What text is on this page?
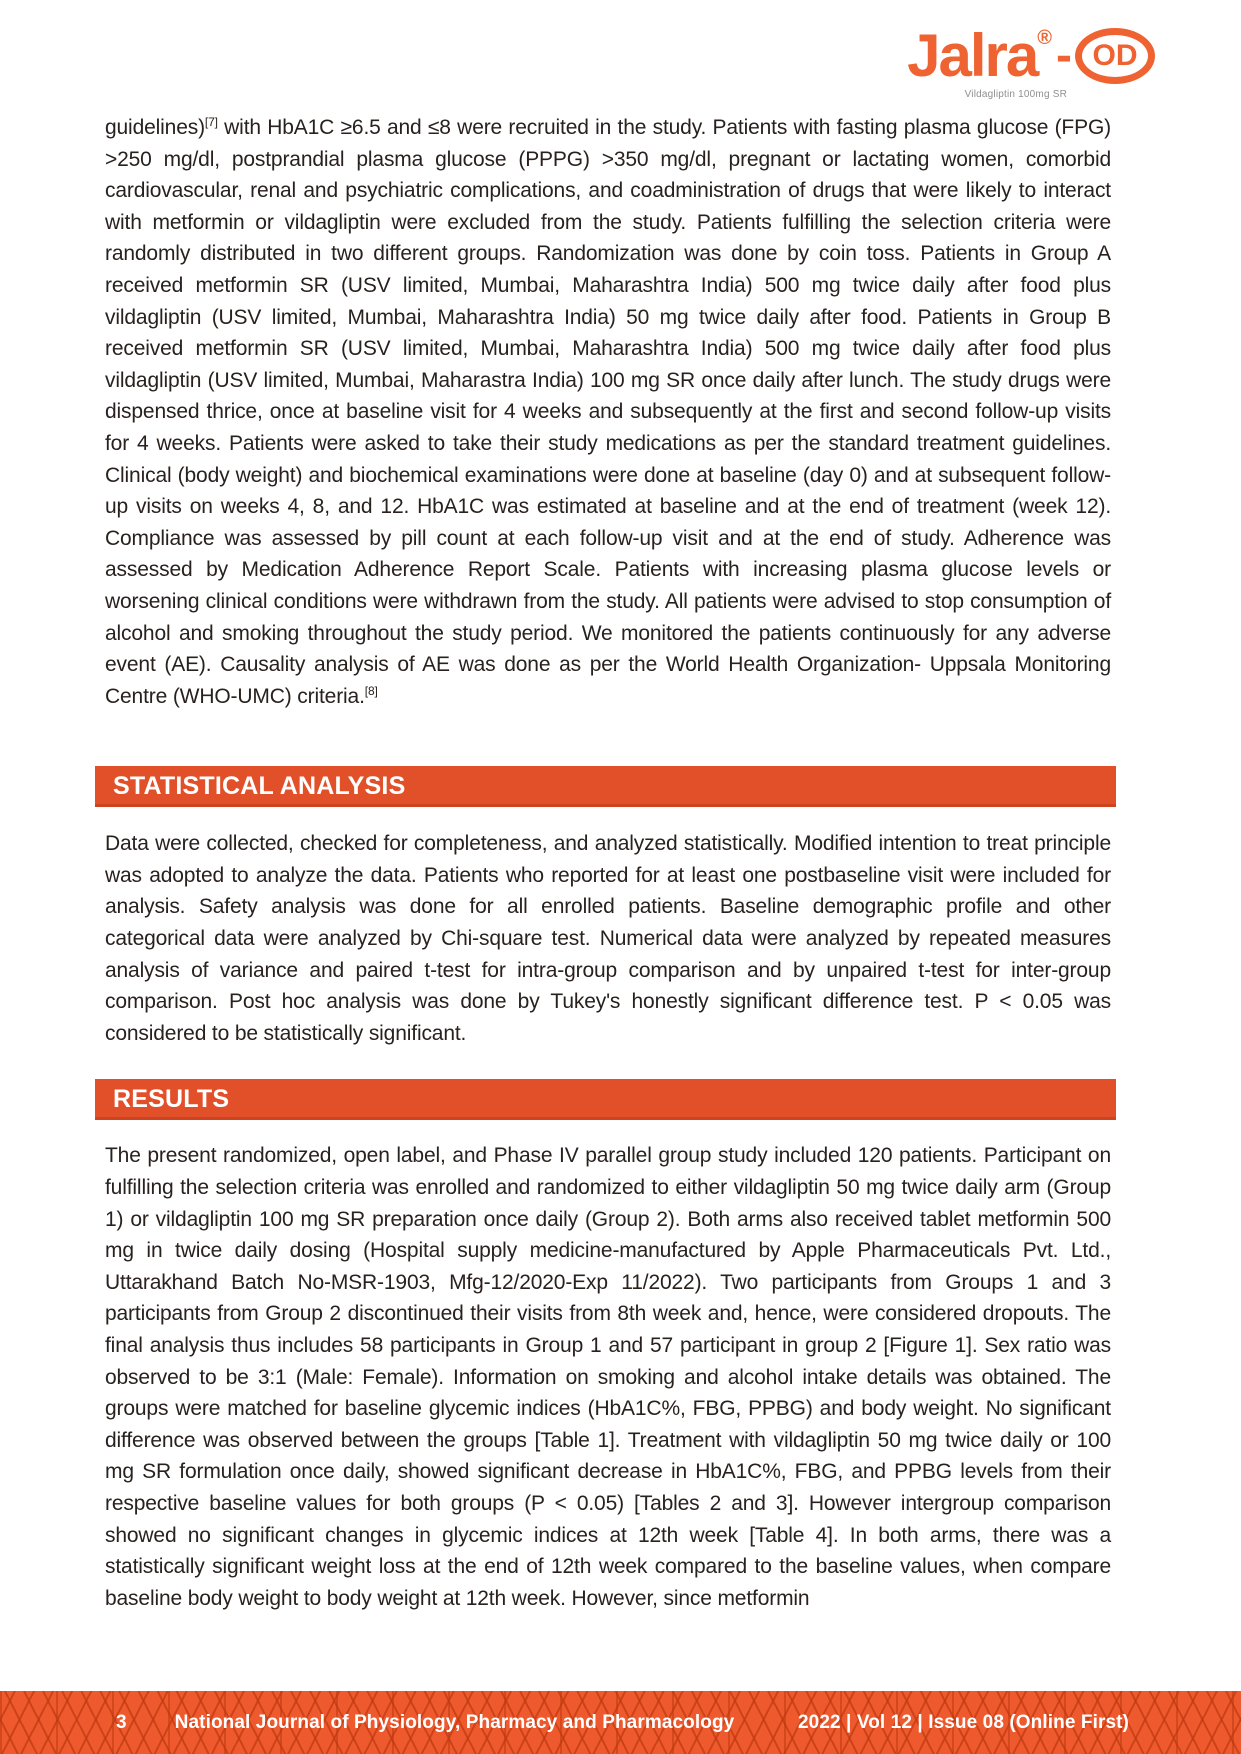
Jalra ® - OD
Vildagliptin 100mg SR

guidelines)[7] with HbA1C ≥6.5 and ≤8 were recruited in the study. Patients with fasting plasma glucose (FPG) >250 mg/dl, postprandial plasma glucose (PPPG) >350 mg/dl, pregnant or lactating women, comorbid cardiovascular, renal and psychiatric complications, and coadministration of drugs that were likely to interact with metformin or vildagliptin were excluded from the study. Patients fulfilling the selection criteria were randomly distributed in two different groups. Randomization was done by coin toss. Patients in Group A received metformin SR (USV limited, Mumbai, Maharashtra India) 500 mg twice daily after food plus vildagliptin (USV limited, Mumbai, Maharashtra India) 50 mg twice daily after food. Patients in Group B received metformin SR (USV limited, Mumbai, Maharashtra India) 500 mg twice daily after food plus vildagliptin (USV limited, Mumbai, Maharastra India) 100 mg SR once daily after lunch. The study drugs were dispensed thrice, once at baseline visit for 4 weeks and subsequently at the first and second follow-up visits for 4 weeks. Patients were asked to take their study medications as per the standard treatment guidelines. Clinical (body weight) and biochemical examinations were done at baseline (day 0) and at subsequent follow-up visits on weeks 4, 8, and 12. HbA1C was estimated at baseline and at the end of treatment (week 12). Compliance was assessed by pill count at each follow-up visit and at the end of study. Adherence was assessed by Medication Adherence Report Scale. Patients with increasing plasma glucose levels or worsening clinical conditions were withdrawn from the study. All patients were advised to stop consumption of alcohol and smoking throughout the study period. We monitored the patients continuously for any adverse event (AE). Causality analysis of AE was done as per the World Health Organization- Uppsala Monitoring Centre (WHO-UMC) criteria.[8]

STATISTICAL ANALYSIS

Data were collected, checked for completeness, and analyzed statistically. Modified intention to treat principle was adopted to analyze the data. Patients who reported for at least one postbaseline visit were included for analysis. Safety analysis was done for all enrolled patients. Baseline demographic profile and other categorical data were analyzed by Chi-square test. Numerical data were analyzed by repeated measures analysis of variance and paired t-test for intra-group comparison and by unpaired t-test for inter-group comparison. Post hoc analysis was done by Tukey's honestly significant difference test. P < 0.05 was considered to be statistically significant.

RESULTS

The present randomized, open label, and Phase IV parallel group study included 120 patients. Participant on fulfilling the selection criteria was enrolled and randomized to either vildagliptin 50 mg twice daily arm (Group 1) or vildagliptin 100 mg SR preparation once daily (Group 2). Both arms also received tablet metformin 500 mg in twice daily dosing (Hospital supply medicine-manufactured by Apple Pharmaceuticals Pvt. Ltd., Uttarakhand Batch No-MSR-1903, Mfg-12/2020-Exp 11/2022). Two participants from Groups 1 and 3 participants from Group 2 discontinued their visits from 8th week and, hence, were considered dropouts. The final analysis thus includes 58 participants in Group 1 and 57 participant in group 2 [Figure 1]. Sex ratio was observed to be 3:1 (Male: Female). Information on smoking and alcohol intake details was obtained. The groups were matched for baseline glycemic indices (HbA1C%, FBG, PPBG) and body weight. No significant difference was observed between the groups [Table 1]. Treatment with vildagliptin 50 mg twice daily or 100 mg SR formulation once daily, showed significant decrease in HbA1C%, FBG, and PPBG levels from their respective baseline values for both groups (P < 0.05) [Tables 2 and 3]. However intergroup comparison showed no significant changes in glycemic indices at 12th week [Table 4]. In both arms, there was a statistically significant weight loss at the end of 12th week compared to the baseline values, when compare baseline body weight to body weight at 12th week. However, since metformin

3	National Journal of Physiology, Pharmacy and Pharmacology	2022 | Vol 12 | Issue 08 (Online First)
